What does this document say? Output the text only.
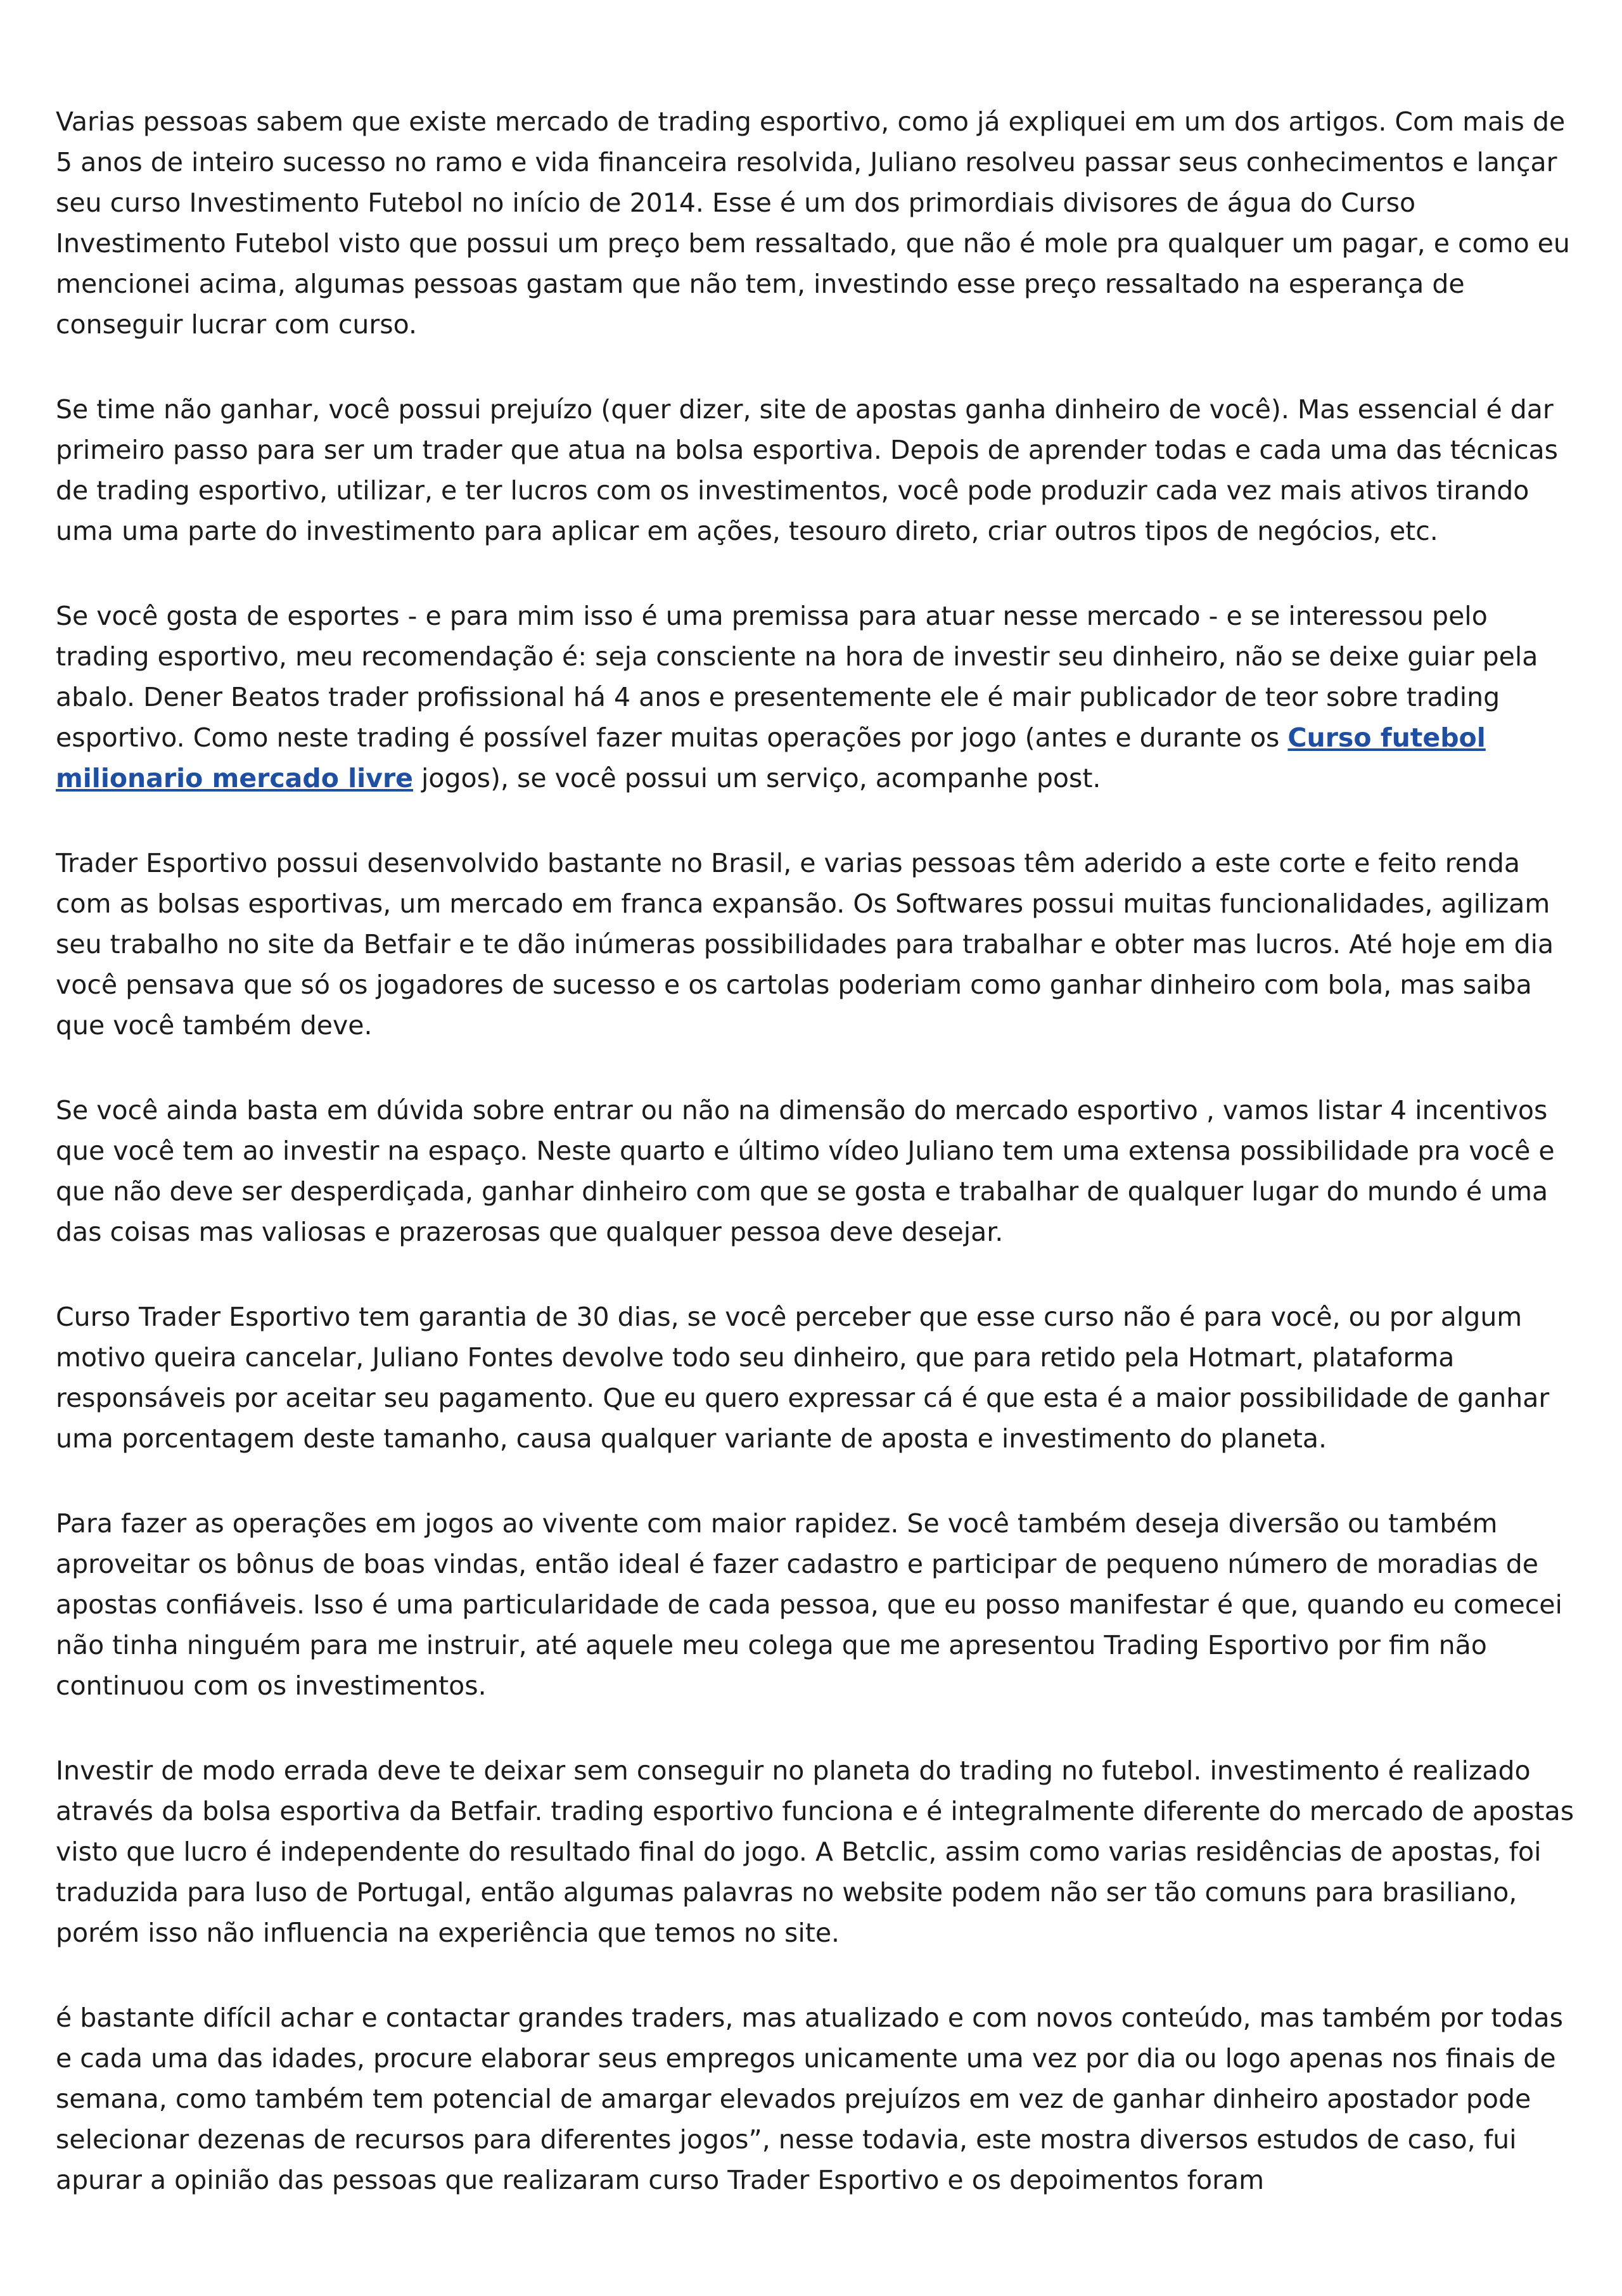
Varias pessoas sabem que existe mercado de trading esportivo, como já expliquei em um dos artigos. Com mais de 5 anos de inteiro sucesso no ramo e vida financeira resolvida, Juliano resolveu passar seus conhecimentos e lançar seu curso Investimento Futebol no início de 2014. Esse é um dos primordiais divisores de água do Curso Investimento Futebol visto que possui um preço bem ressaltado, que não é mole pra qualquer um pagar, e como eu mencionei acima, algumas pessoas gastam que não tem, investindo esse preço ressaltado na esperança de conseguir lucrar com curso.

Se time não ganhar, você possui prejuízo (quer dizer, site de apostas ganha dinheiro de você). Mas essencial é dar primeiro passo para ser um trader que atua na bolsa esportiva. Depois de aprender todas e cada uma das técnicas de trading esportivo, utilizar, e ter lucros com os investimentos, você pode produzir cada vez mais ativos tirando uma uma parte do investimento para aplicar em ações, tesouro direto, criar outros tipos de negócios, etc.

Se você gosta de esportes - e para mim isso é uma premissa para atuar nesse mercado - e se interessou pelo trading esportivo, meu recomendação é: seja consciente na hora de investir seu dinheiro, não se deixe guiar pela abalo. Dener Beatos trader profissional há 4 anos e presentemente ele é mair publicador de teor sobre trading esportivo. Como neste trading é possível fazer muitas operações por jogo (antes e durante os Curso futebol milionario mercado livre jogos), se você possui um serviço, acompanhe post.

Trader Esportivo possui desenvolvido bastante no Brasil, e varias pessoas têm aderido a este corte e feito renda com as bolsas esportivas, um mercado em franca expansão. Os Softwares possui muitas funcionalidades, agilizam seu trabalho no site da Betfair e te dão inúmeras possibilidades para trabalhar e obter mas lucros. Até hoje em dia você pensava que só os jogadores de sucesso e os cartolas poderiam como ganhar dinheiro com bola, mas saiba que você também deve.

Se você ainda basta em dúvida sobre entrar ou não na dimensão do mercado esportivo , vamos listar 4 incentivos que você tem ao investir na espaço. Neste quarto e último vídeo Juliano tem uma extensa possibilidade pra você e que não deve ser desperdiçada, ganhar dinheiro com que se gosta e trabalhar de qualquer lugar do mundo é uma das coisas mas valiosas e prazerosas que qualquer pessoa deve desejar.

Curso Trader Esportivo tem garantia de 30 dias, se você perceber que esse curso não é para você, ou por algum motivo queira cancelar, Juliano Fontes devolve todo seu dinheiro, que para retido pela Hotmart, plataforma responsáveis por aceitar seu pagamento. Que eu quero expressar cá é que esta é a maior possibilidade de ganhar uma porcentagem deste tamanho, causa qualquer variante de aposta e investimento do planeta.

Para fazer as operações em jogos ao vivente com maior rapidez. Se você também deseja diversão ou também aproveitar os bônus de boas vindas, então ideal é fazer cadastro e participar de pequeno número de moradias de apostas confiáveis. Isso é uma particularidade de cada pessoa, que eu posso manifestar é que, quando eu comecei não tinha ninguém para me instruir, até aquele meu colega que me apresentou Trading Esportivo por fim não continuou com os investimentos.

Investir de modo errada deve te deixar sem conseguir no planeta do trading no futebol. investimento é realizado através da bolsa esportiva da Betfair. trading esportivo funciona e é integralmente diferente do mercado de apostas visto que lucro é independente do resultado final do jogo. A Betclic, assim como varias residências de apostas, foi traduzida para luso de Portugal, então algumas palavras no website podem não ser tão comuns para brasiliano, porém isso não influencia na experiência que temos no site.

é bastante difícil achar e contactar grandes traders, mas atualizado e com novos conteúdo, mas também por todas e cada uma das idades, procure elaborar seus empregos unicamente uma vez por dia ou logo apenas nos finais de semana, como também tem potencial de amargar elevados prejuízos em vez de ganhar dinheiro apostador pode selecionar dezenas de recursos para diferentes jogos”, nesse todavia, este mostra diversos estudos de caso, fui apurar a opinião das pessoas que realizaram curso Trader Esportivo e os depoimentos foram
